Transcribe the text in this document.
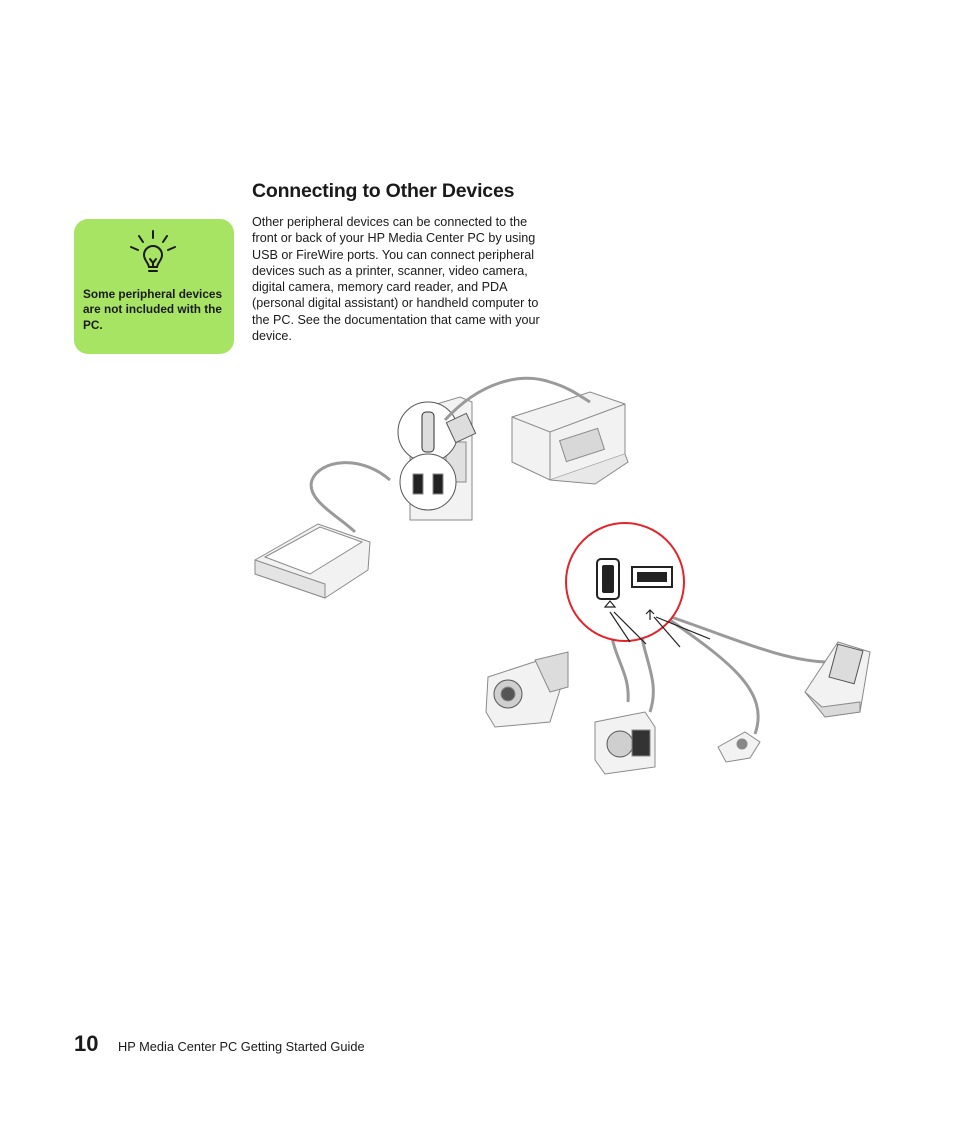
Connecting to Other Devices

Other peripheral devices can be connected to the front or back of your HP Media Center PC by using USB or FireWire ports. You can connect peripheral devices such as a printer, scanner, video camera, digital camera, memory card reader, and PDA (personal digital assistant) or handheld computer to the PC. See the documentation that came with your device.

Some peripheral devices are not included with the PC.

10 HP Media Center PC Getting Started Guide
